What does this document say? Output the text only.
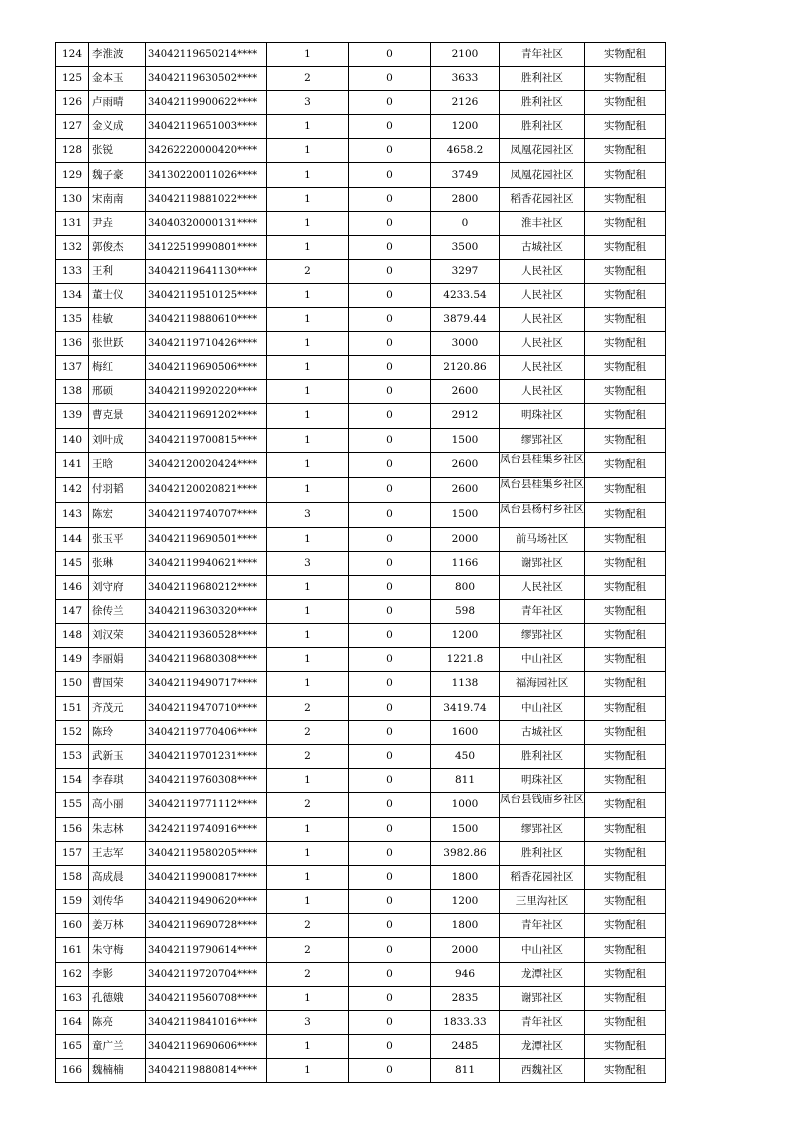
124	李淮波	34042119650214****	1	0	2100	青年社区	实物配租
125	金本玉	34042119630502****	2	0	3633	胜利社区	实物配租
126	卢雨晴	34042119900622****	3	0	2126	胜利社区	实物配租
127	金义成	34042119651003****	1	0	1200	胜利社区	实物配租
128	张锐	34262220000420****	1	0	4658.2	凤凰花园社区	实物配租
129	魏子豪	34130220011026****	1	0	3749	凤凰花园社区	实物配租
130	宋南南	34042119881022****	1	0	2800	稻香花园社区	实物配租
131	尹垚	34040320000131****	1	0	0	淮丰社区	实物配租
132	郭俊杰	34122519990801****	1	0	3500	古城社区	实物配租
133	王利	34042119641130****	2	0	3297	人民社区	实物配租
134	董士仪	34042119510125****	1	0	4233.54	人民社区	实物配租
135	桂敏	34042119880610****	1	0	3879.44	人民社区	实物配租
136	张世跃	34042119710426****	1	0	3000	人民社区	实物配租
137	梅红	34042119690506****	1	0	2120.86	人民社区	实物配租
138	邢硕	34042119920220****	1	0	2600	人民社区	实物配租
139	曹克景	34042119691202****	1	0	2912	明珠社区	实物配租
140	刘叶成	34042119700815****	1	0	1500	缪郢社区	实物配租
141	王晗	34042120020424****	1	0	2600	凤台县桂集乡社区	实物配租
142	付羽韬	34042120020821****	1	0	2600	凤台县桂集乡社区	实物配租
143	陈宏	34042119740707****	3	0	1500	凤台县杨村乡社区	实物配租
144	张玉平	34042119690501****	1	0	2000	前马场社区	实物配租
145	张琳	34042119940621****	3	0	1166	谢郢社区	实物配租
146	刘守府	34042119680212****	1	0	800	人民社区	实物配租
147	徐传兰	34042119630320****	1	0	598	青年社区	实物配租
148	刘汉荣	34042119360528****	1	0	1200	缪郢社区	实物配租
149	李丽娟	34042119680308****	1	0	1221.8	中山社区	实物配租
150	曹国荣	34042119490717****	1	0	1138	福海园社区	实物配租
151	齐茂元	34042119470710****	2	0	3419.74	中山社区	实物配租
152	陈玲	34042119770406****	2	0	1600	古城社区	实物配租
153	武新玉	34042119701231****	2	0	450	胜利社区	实物配租
154	李春琪	34042119760308****	1	0	811	明珠社区	实物配租
155	高小丽	34042119771112****	2	0	1000	凤台县钱庙乡社区	实物配租
156	朱志林	34242119740916****	1	0	1500	缪郢社区	实物配租
157	王志军	34042119580205****	1	0	3982.86	胜利社区	实物配租
158	高成晨	34042119900817****	1	0	1800	稻香花园社区	实物配租
159	刘传华	34042119490620****	1	0	1200	三里沟社区	实物配租
160	姜万林	34042119690728****	2	0	1800	青年社区	实物配租
161	朱守梅	34042119790614****	2	0	2000	中山社区	实物配租
162	李影	34042119720704****	2	0	946	龙潭社区	实物配租
163	孔德娥	34042119560708****	1	0	2835	谢郢社区	实物配租
164	陈亮	34042119841016****	3	0	1833.33	青年社区	实物配租
165	童广兰	34042119690606****	1	0	2485	龙潭社区	实物配租
166	魏楠楠	34042119880814****	1	0	811	西魏社区	实物配租
